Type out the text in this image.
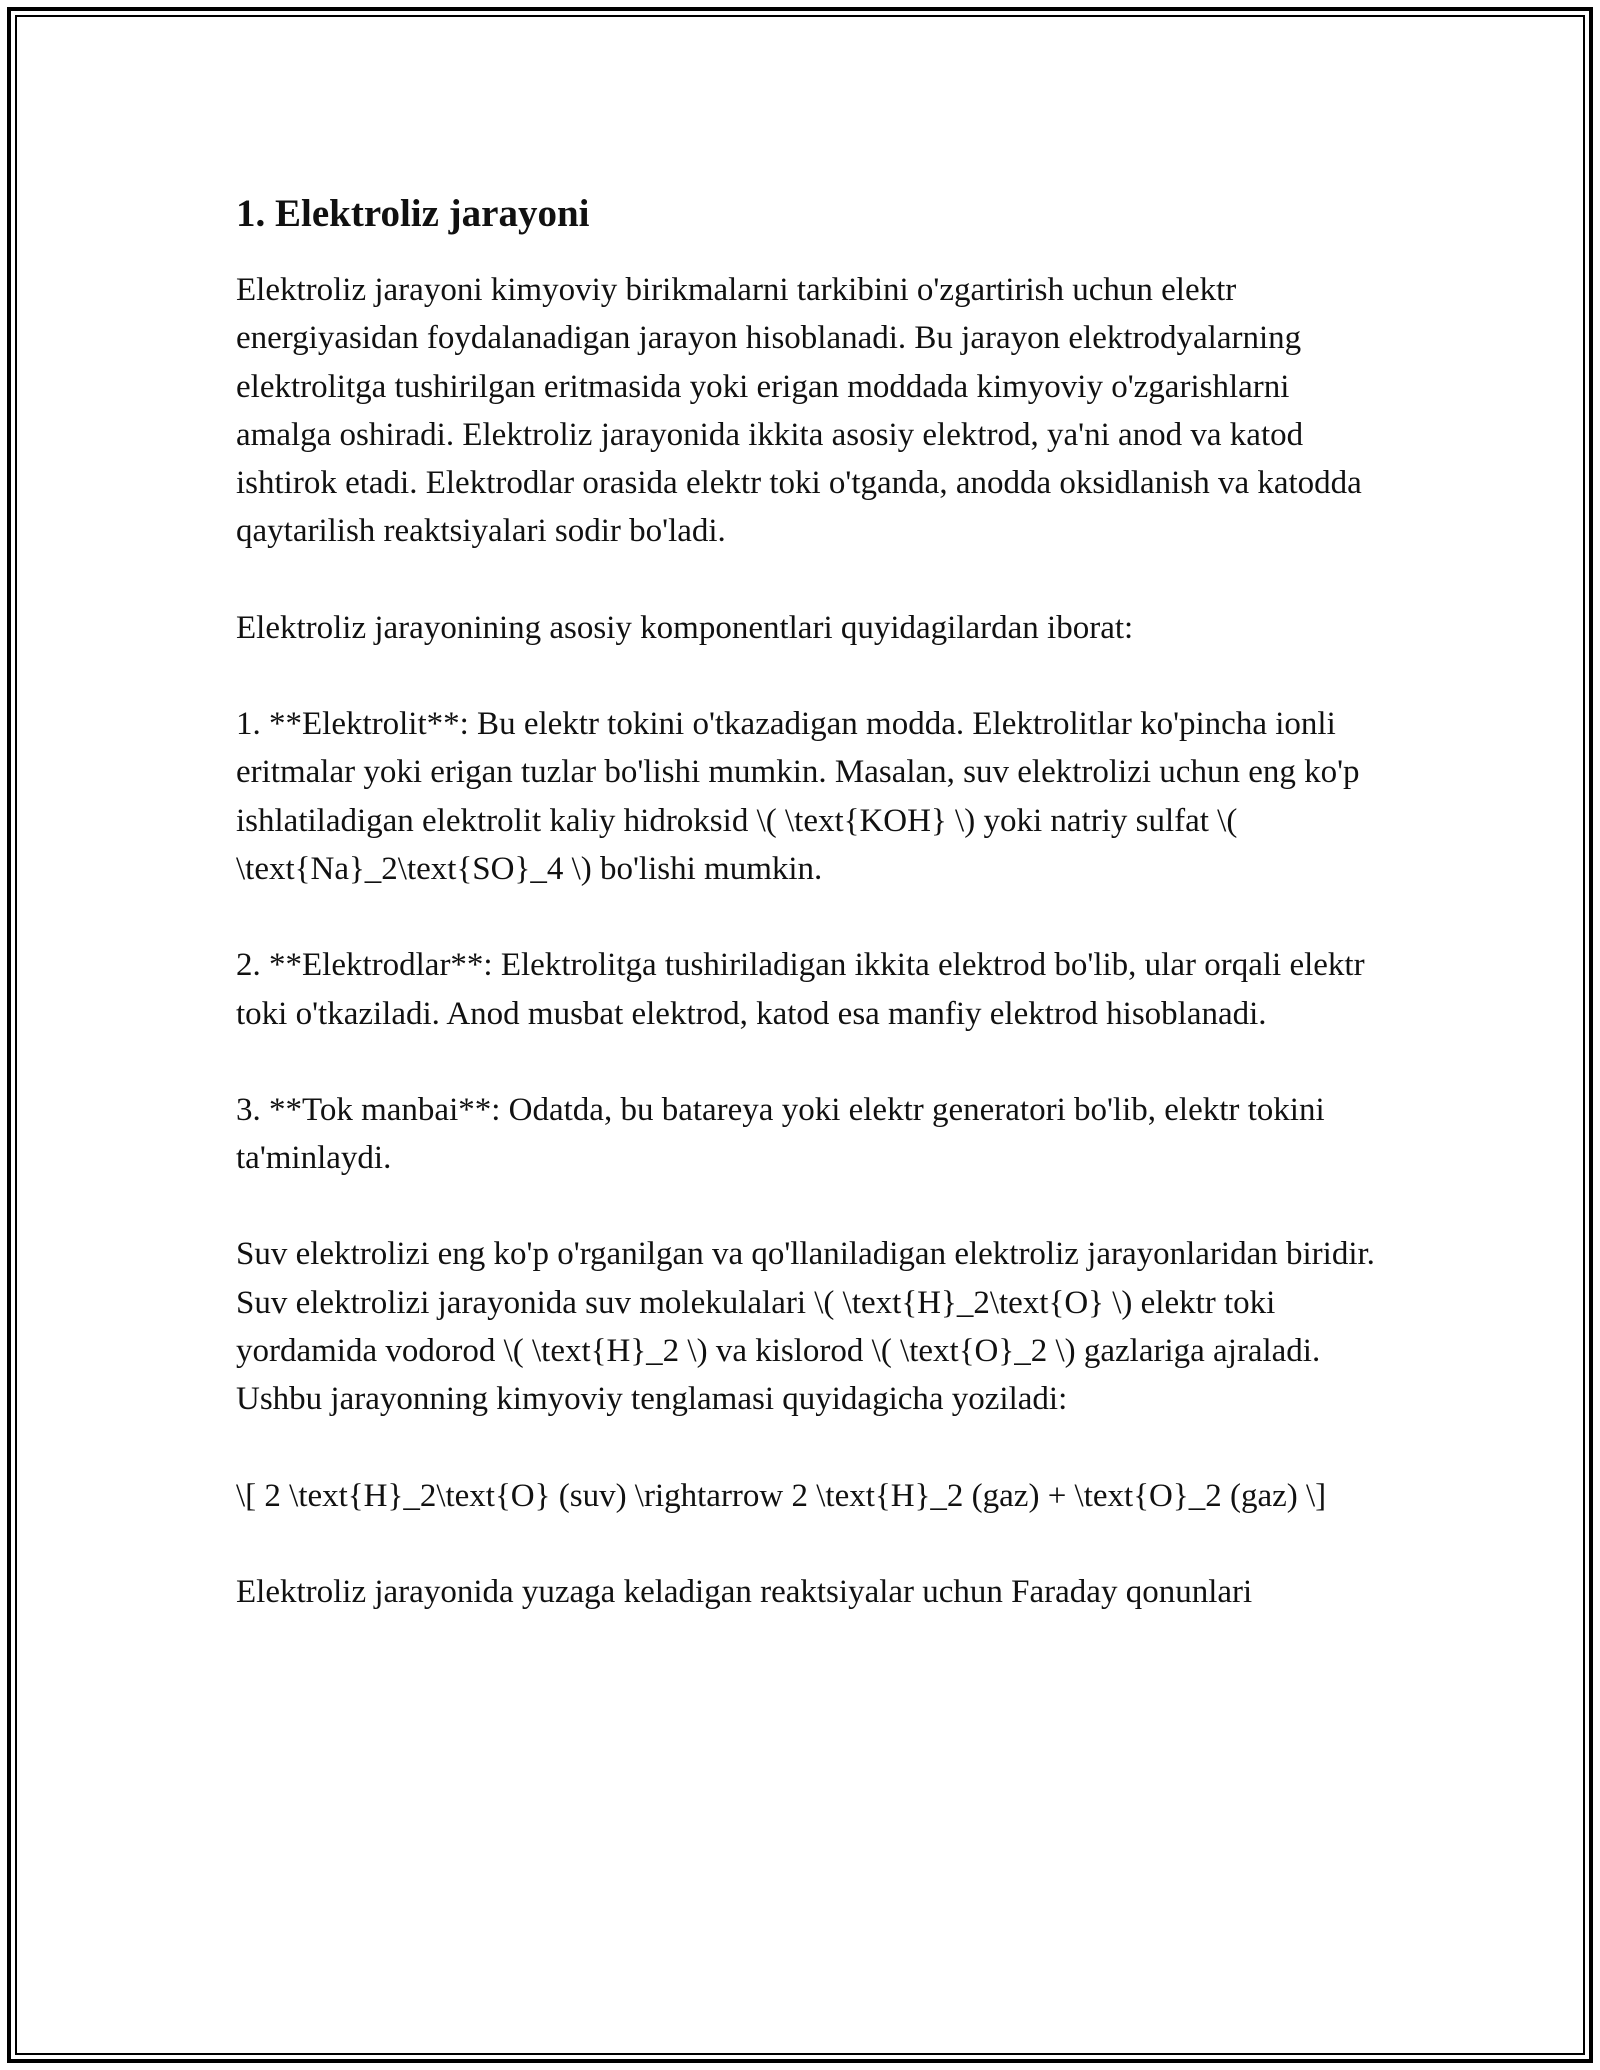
1. Elektroliz jarayoni

Elektroliz jarayoni kimyoviy birikmalarni tarkibini o'zgartirish uchun elektr energiyasidan foydalanadigan jarayon hisoblanadi. Bu jarayon elektrodyalarning elektrolitga tushirilgan eritmasida yoki erigan moddada kimyoviy o'zgarishlarni amalga oshiradi. Elektroliz jarayonida ikkita asosiy elektrod, ya'ni anod va katod ishtirok etadi. Elektrodlar orasida elektr toki o'tganda, anodda oksidlanish va katodda qaytarilish reaktsiyalari sodir bo'ladi.

Elektroliz jarayonining asosiy komponentlari quyidagilardan iborat:

1. **Elektrolit**: Bu elektr tokini o'tkazadigan modda. Elektrolitlar ko'pincha ionli eritmalar yoki erigan tuzlar bo'lishi mumkin. Masalan, suv elektrolizi uchun eng ko'p ishlatiladigan elektrolit kaliy hidroksid \( \text{KOH} \) yoki natriy sulfat \( \text{Na}_2\text{SO}_4 \) bo'lishi mumkin.

2. **Elektrodlar**: Elektrolitga tushiriladigan ikkita elektrod bo'lib, ular orqali elektr toki o'tkaziladi. Anod musbat elektrod, katod esa manfiy elektrod hisoblanadi.

3. **Tok manbai**: Odatda, bu batareya yoki elektr generatori bo'lib, elektr tokini ta'minlaydi.

Suv elektrolizi eng ko'p o'rganilgan va qo'llaniladigan elektroliz jarayonlaridan biridir. Suv elektrolizi jarayonida suv molekulalari \( \text{H}_2\text{O} \) elektr toki yordamida vodorod \( \text{H}_2 \) va kislorod \( \text{O}_2 \) gazlariga ajraladi. Ushbu jarayonning kimyoviy tenglamasi quyidagicha yoziladi:

\[ 2 \text{H}_2\text{O} (suv) \rightarrow 2 \text{H}_2 (gaz) + \text{O}_2 (gaz) \]

Elektroliz jarayonida yuzaga keladigan reaktsiyalar uchun Faraday qonunlari
